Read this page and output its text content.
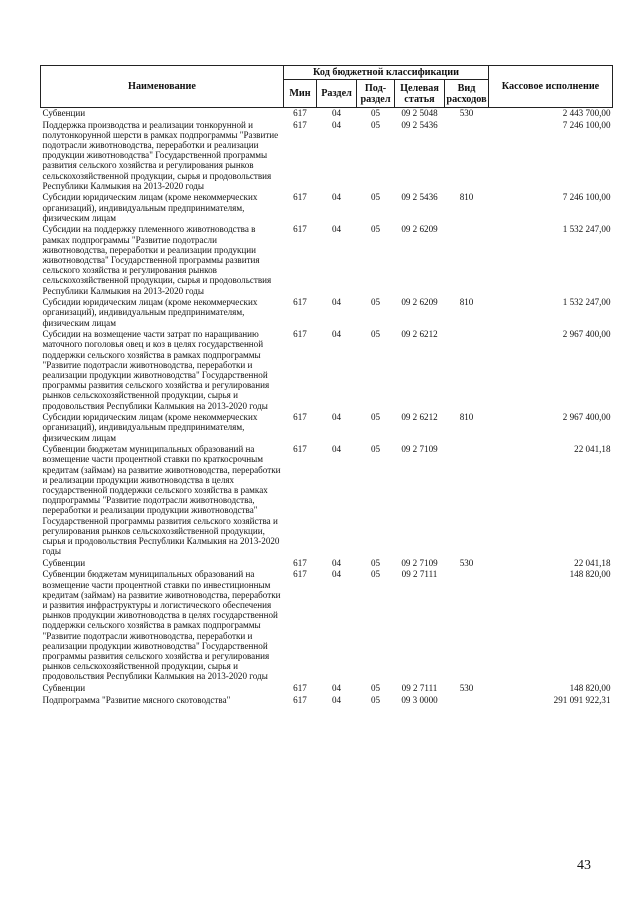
Наименование	Код бюджетной классификации					Кассовое исполнение
	Мин	Раздел	Под-раздел	Целевая статья	Вид расходов	
Субвенции	617	04	05	09 2 5048	530	2 443 700,00
Поддержка производства и реализации тонкорунной и полутонкорунной шерсти в рамках подпрограммы "Развитие подотрасли животноводства, переработки и реализации продукции животноводства" Государственной программы развития сельского хозяйства и регулирования рынков сельскохозяйственной продукции, сырья и продовольствия Республики Калмыкия на 2013-2020 годы	617	04	05	09 2 5436		7 246 100,00
Субсидии юридическим лицам (кроме некоммерческих организаций), индивидуальным предпринимателям, физическим лицам	617	04	05	09 2 5436	810	7 246 100,00
Субсидии на поддержку племенного животноводства в рамках подпрограммы "Развитие подотрасли животноводства, переработки и реализации продукции животноводства" Государственной программы развития сельского хозяйства и регулирования рынков сельскохозяйственной продукции, сырья и продовольствия Республики Калмыкия на 2013-2020 годы	617	04	05	09 2 6209		1 532 247,00
Субсидии юридическим лицам (кроме некоммерческих организаций), индивидуальным предпринимателям, физическим лицам	617	04	05	09 2 6209	810	1 532 247,00
Субсидии на возмещение части затрат по наращиванию маточного поголовья овец и коз в целях государственной поддержки сельского хозяйства в рамках подпрограммы "Развитие подотрасли животноводства, переработки и реализации продукции животноводства" Государственной программы развития сельского хозяйства и регулирования рынков сельскохозяйственной продукции, сырья и продовольствия Республики Калмыкия на 2013-2020 годы	617	04	05	09 2 6212		2 967 400,00
Субсидии юридическим лицам (кроме некоммерческих организаций), индивидуальным предпринимателям, физическим лицам	617	04	05	09 2 6212	810	2 967 400,00
Субвенции бюджетам муниципальных образований на возмещение части процентной ставки по краткосрочным кредитам (займам) на развитие животноводства, переработки и реализации продукции животноводства в целях государственной поддержки сельского хозяйства в рамках подпрограммы "Развитие подотрасли животноводства, переработки и реализации продукции животноводства" Государственной программы развития сельского хозяйства и регулирования рынков сельскохозяйственной продукции, сырья и продовольствия Республики Калмыкия на 2013-2020 годы	617	04	05	09 2 7109		22 041,18
Субвенции	617	04	05	09 2 7109	530	22 041,18
Субвенции бюджетам муниципальных образований на возмещение части процентной ставки по инвестиционным кредитам (займам) на развитие животноводства, переработки и развития инфраструктуры и логистического обеспечения рынков продукции животноводства в целях государственной поддержки сельского хозяйства в рамках подпрограммы "Развитие подотрасли животноводства, переработки и реализации продукции животноводства" Государственной программы развития сельского хозяйства и регулирования рынков сельскохозяйственной продукции, сырья и продовольствия Республики Калмыкия на 2013-2020 годы	617	04	05	09 2 7111		148 820,00
Субвенции	617	04	05	09 2 7111	530	148 820,00
Подпрограмма "Развитие мясного скотоводства"	617	04	05	09 3 0000		291 091 922,31
43
